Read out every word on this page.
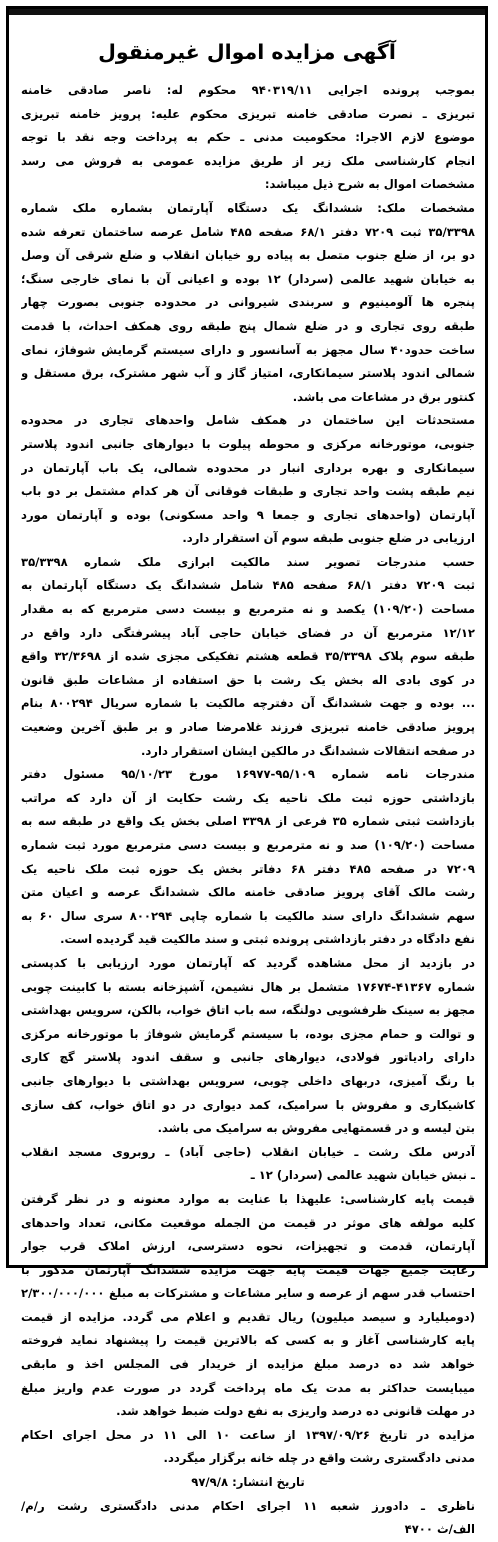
آگهی مزایده اموال غیرمنقول
بموجب پرونده اجرایی ۹۴۰۳۱۹/۱۱ محکوم له: ناصر صادقی خامنه
تبریزی ـ نصرت صادقی خامنه تبریزی محکوم علیه: پرویز خامنه تبریزی
موضوع لازم الاجرا: محکومیت مدنی ـ حکم به پرداخت وجه نقد با توجه
انجام کارشناسی ملک زیر از طریق مزایده عمومی به فروش می رسد
مشخصات اموال به شرح ذیل میباشد:
مشخصات ملک: ششدانگ یک دستگاه آپارتمان بشماره ملک شماره
۳۵/۳۳۹۸ ثبت ۷۲۰۹ دفتر ۶۸/۱ صفحه ۴۸۵ شامل عرصه ساختمان تعرفه شده
دو بر، از ضلع جنوب متصل به پیاده رو خیابان انقلاب و ضلع شرقی آن وصل
به خیابان شهید عالمی (سردار) ۱۲ بوده و اعیانی آن با نمای خارجی سنگ؛
پنجره ها آلومینیوم و سربندی شیروانی در محدوده جنوبی بصورت چهار
طبقه روی تجاری و در ضلع شمال پنج طبقه روی همکف احداث، با قدمت
ساخت حدود۴۰ سال مجهز به آسانسور و دارای سیستم گرمایش شوفاژ، نمای
شمالی اندود پلاستر سیمانکاری، امتیاز گاز و آب شهر مشترک، برق مستقل و
کنتور برق در مشاعات می باشد.
مستحدثات این ساختمان در همکف شامل واحدهای تجاری در محدوده
جنوبی، موتورخانه مرکزی و محوطه پیلوت با دیوارهای جانبی اندود پلاستر
سیمانکاری و بهره برداری انبار در محدوده شمالی، یک باب آپارتمان در
نیم طبقه پشت واحد تجاری و طبقات فوقانی آن هر کدام مشتمل بر دو باب
آپارتمان (واحدهای تجاری و جمعا ۹ واحد مسکونی) بوده و آپارتمان مورد
ارزیابی در ضلع جنوبی طبقه سوم آن استقرار دارد.
حسب مندرجات تصویر سند مالکیت ابرازی ملک شماره ۳۵/۳۳۹۸
ثبت ۷۲۰۹ دفتر ۶۸/۱ صفحه ۴۸۵ شامل ششدانگ یک دستگاه آپارتمان به
مساحت (۱۰۹/۲۰) یکصد و نه مترمربع و بیست دسی مترمربع که به مقدار
۱۲/۱۲ مترمربع آن در فضای خیابان حاجی آباد پیشرفتگی دارد واقع در
طبقه سوم پلاک ۳۵/۳۳۹۸ قطعه هشتم تفکیکی مجزی شده از ۳۲/۳۶۹۸ واقع
در کوی بادی اله بخش یک رشت با حق استفاده از مشاعات طبق قانون
... بوده و جهت ششدانگ آن دفترچه مالکیت با شماره سریال ۸۰۰۲۹۴ بنام
پرویز صادقی خامنه تبریزی فرزند غلامرضا صادر و بر طبق آخرین وضعیت
در صفحه انتقالات ششدانگ در مالکین ایشان استقرار دارد.
مندرجات نامه شماره ۹۵/۱۰۹-۱۶۹۷۷ مورخ ۹۵/۱۰/۲۳ مسئول دفتر
بازداشتی حوزه ثبت ملک ناحیه یک رشت حکایت از آن دارد که مراتب
بازداشت ثبتی شماره ۳۵ فرعی از ۳۳۹۸ اصلی بخش یک واقع در طبقه سه به
مساحت (۱۰۹/۲۰) صد و نه مترمربع و بیست دسی مترمربع مورد ثبت شماره
۷۲۰۹ در صفحه ۴۸۵ دفتر ۶۸ دفاتر بخش یک حوزه ثبت ملک ناحیه یک
رشت مالک آقای پرویز صادقی خامنه مالک ششدانگ عرصه و اعیان متن
سهم ششدانگ دارای سند مالکیت با شماره چاپی ۸۰۰۲۹۴ سری سال ۶۰ به
نفع دادگاه در دفتر بازداشتی پرونده ثبتی و سند مالکیت قید گردیده است.
در بازدید از محل مشاهده گردید که آپارتمان مورد ارزیابی با کدپستی
شماره ۴۱۳۶۷-۱۷۶۷۴ متشمل بر هال نشیمن، آشپزخانه بسته با کابینت چوبی
مجهز به سینک ظرفشویی دولنگه، سه باب اتاق خواب، بالکن، سرویس بهداشتی
و توالت و حمام مجزی بوده، با سیستم گرمایش شوفاژ با موتورخانه مرکزی
دارای رادیاتور فولادی، دیوارهای جانبی و سقف اندود پلاستر گچ کاری
با رنگ آمیزی، دربهای داخلی چوبی، سرویس بهداشتی با دیوارهای جانبی
کاشیکاری و مفروش با سرامیک، کمد دیواری در دو اتاق خواب، کف سازی
بتن لیسه و در قسمتهایی مفروش به سرامیک می باشد.
آدرس ملک رشت ـ خیابان انقلاب (حاجی آباد) ـ روبروی مسجد انقلاب
ـ نبش خیابان شهید عالمی (سردار) ۱۲ ـ
قیمت پایه کارشناسی: علیهذا با عنایت به موارد معنونه و در نظر گرفتن
کلیه مولفه های موثر در قیمت من الجمله موقعیت مکانی، تعداد واحدهای
آپارتمان، قدمت و تجهیزات، نحوه دسترسی، ارزش املاک قرب جوار
رعایت جمیع جهات قیمت پایه جهت مزایده ششدانگ آپارتمان مذکور با
احتساب قدر سهم از عرصه و سایر مشاعات و مشترکات به مبلغ ۲/۳۰۰/۰۰۰/۰۰۰
(دومیلیارد و سیصد میلیون) ریال تقدیم و اعلام می گردد. مزایده از قیمت
پایه کارشناسی آغاز و به کسی که بالاترین قیمت را پیشنهاد نماید فروخته
خواهد شد ده درصد مبلغ مزایده از خریدار فی المجلس اخذ و مابقی
میبایست حداکثر به مدت یک ماه پرداخت گردد در صورت عدم واریز مبلغ
در مهلت قانونی ده درصد واریزی به نفع دولت ضبط خواهد شد.
مزایده در تاریخ ۱۳۹۷/۰۹/۲۶ از ساعت ۱۰ الی ۱۱ در محل اجرای احکام
مدنی دادگستری رشت واقع در چله خانه برگزار میگردد.
تاریخ انتشار: ۹۷/۹/۸
ناظری ـ دادورز شعبه ۱۱ اجرای احکام مدنی دادگستری رشت ر/م/
الف/ث ۴۷۰۰
